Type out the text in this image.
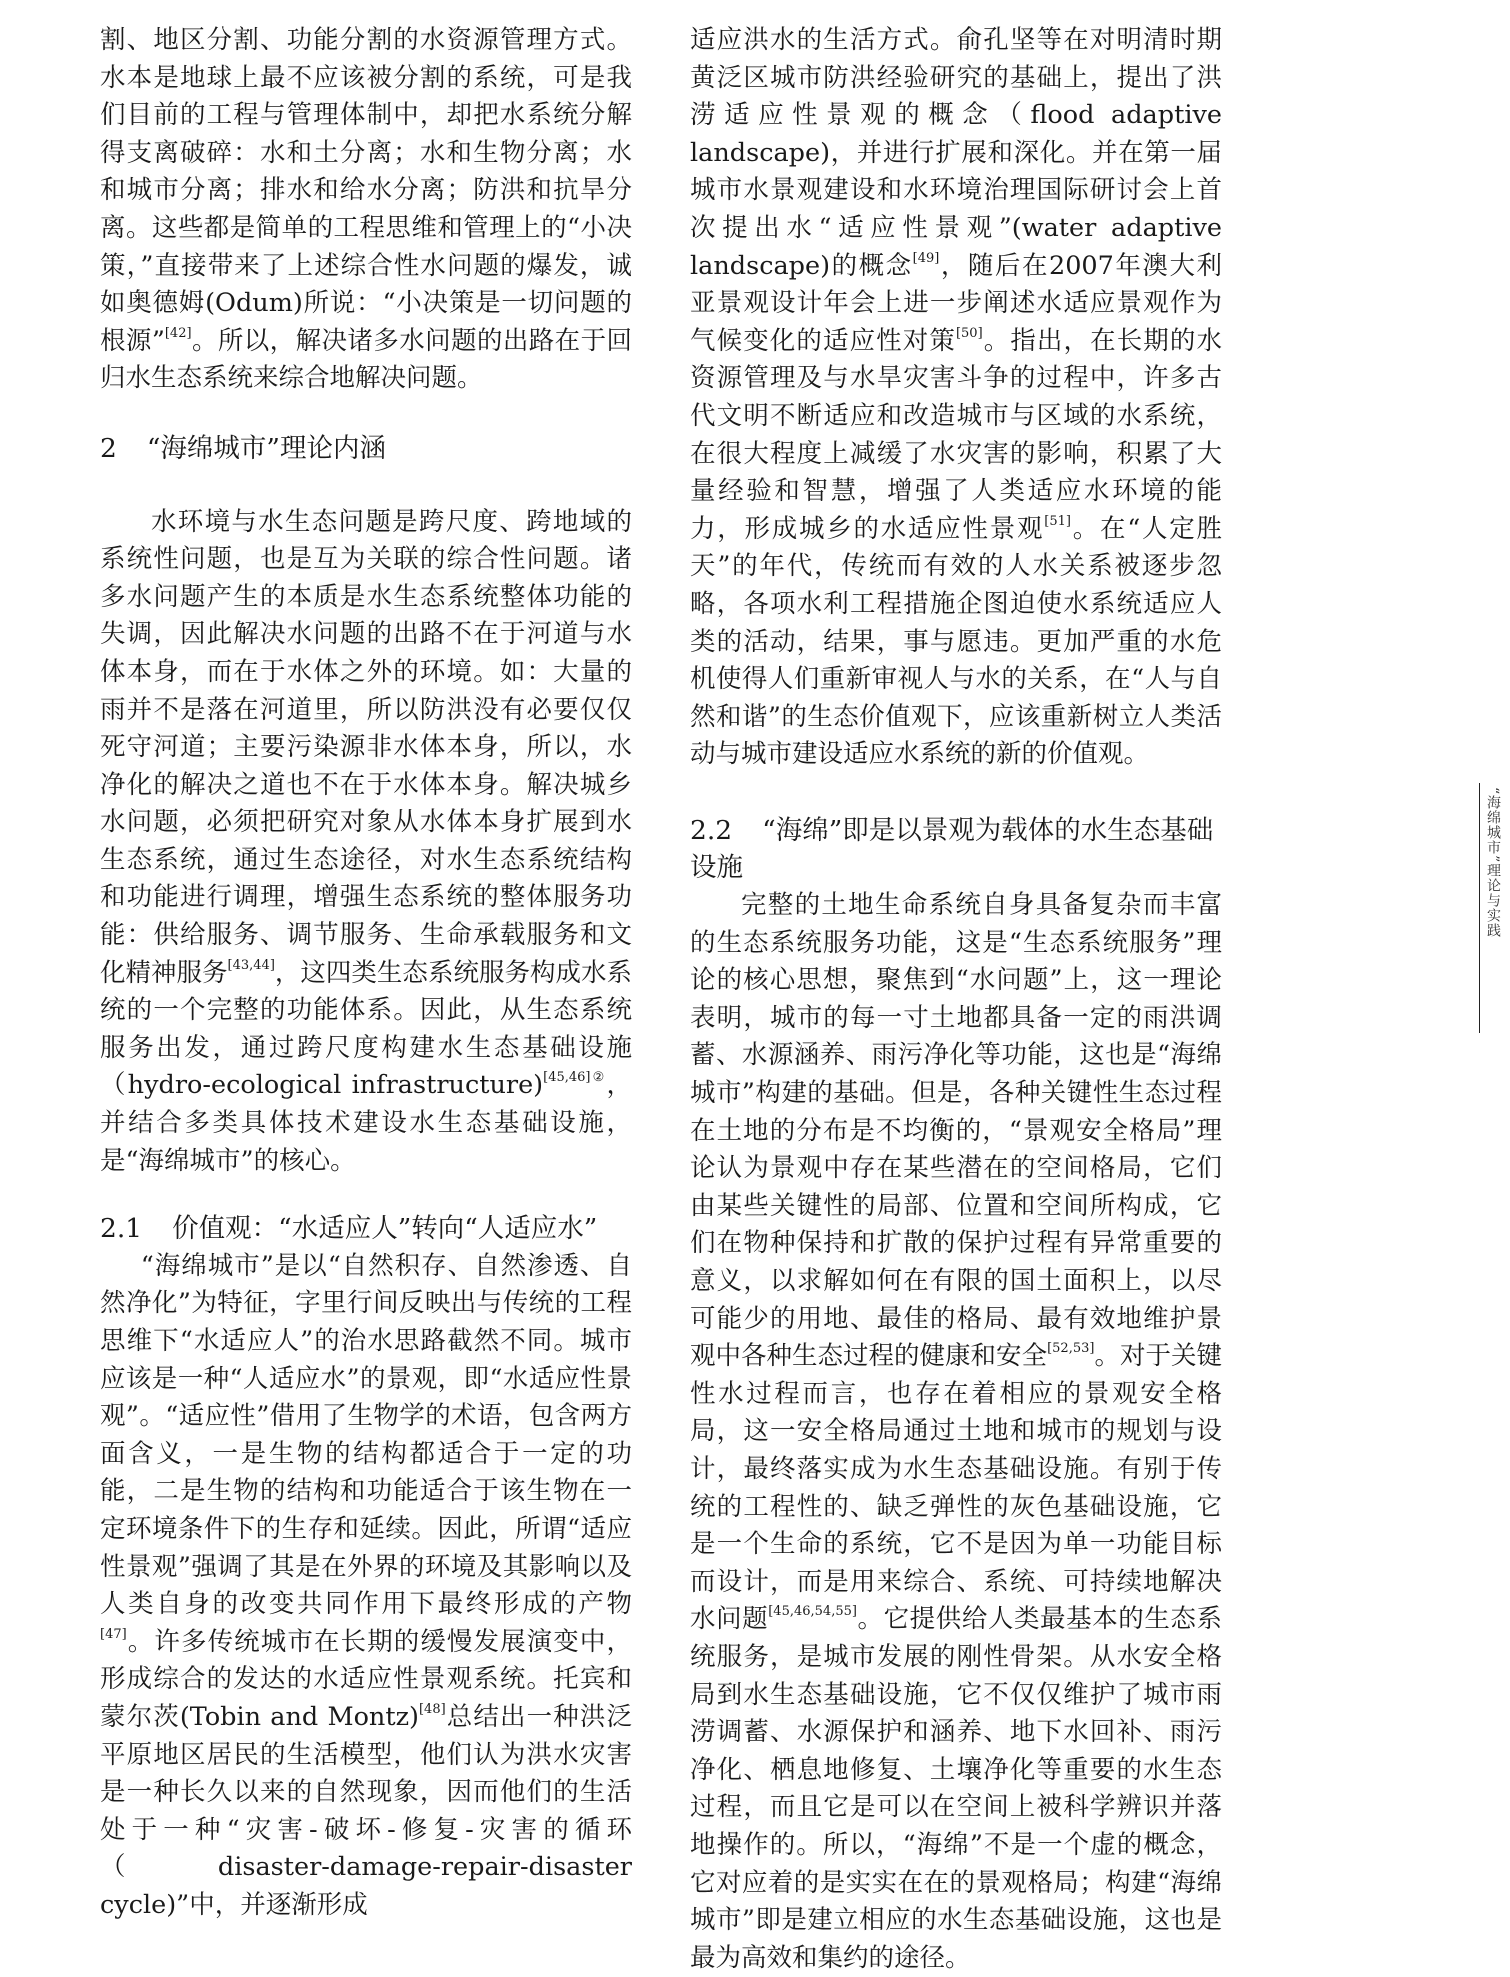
割、地区分割、功能分割的水资源管理方式。水本是地球上最不应该被分割的系统，可是我们目前的工程与管理体制中，却把水系统分解得支离破碎：水和土分离；水和生物分离；水和城市分离；排水和给水分离；防洪和抗旱分离。这些都是简单的工程思维和管理上的“小决策，”直接带来了上述综合性水问题的爆发，诚如奥德姆(Odum)所说：“小决策是一切问题的根源”[42]。所以，解决诸多水问题的出路在于回归水生态系统来综合地解决问题。

2 “海绵城市”理论内涵

水环境与水生态问题是跨尺度、跨地域的系统性问题，也是互为关联的综合性问题。诸多水问题产生的本质是水生态系统整体功能的失调，因此解决水问题的出路不在于河道与水体本身，而在于水体之外的环境。如：大量的雨并不是落在河道里，所以防洪没有必要仅仅死守河道；主要污染源非水体本身，所以，水净化的解决之道也不在于水体本身。解决城乡水问题，必须把研究对象从水体本身扩展到水生态系统，通过生态途径，对水生态系统结构和功能进行调理，增强生态系统的整体服务功能：供给服务、调节服务、生命承载服务和文化精神服务[43,44]，这四类生态系统服务构成水系统的一个完整的功能体系。因此，从生态系统服务出发，通过跨尺度构建水生态基础设施（hydro-ecological infrastructure)$^{[45,46]②}$，并结合多类具体技术建设水生态基础设施，是“海绵城市”的核心。

2.1 价值观：“水适应人”转向“人适应水”

“海绵城市”是以“自然积存、自然渗透、自然净化”为特征，字里行间反映出与传统的工程思维下“水适应人”的治水思路截然不同。城市应该是一种“人适应水”的景观，即“水适应性景观”。“适应性”借用了生物学的术语，包含两方面含义，一是生物的结构都适合于一定的功能，二是生物的结构和功能适合于该生物在一定环境条件下的生存和延续。因此，所谓“适应性景观”强调了其是在外界的环境及其影响以及人类自身的改变共同作用下最终形成的产物[47]。许多传统城市在长期的缓慢发展演变中，形成综合的发达的水适应性景观系统。托宾和蒙尔茨(Tobin and Montz)[48]总结出一种洪泛平原地区居民的生活模型，他们认为洪水灾害是一种长久以来的自然现象，因而他们的生活处于一种“灾害-破坏-修复-灾害的循环（disaster-damage-repair-disaster cycle)”中，并逐渐形成

适应洪水的生活方式。俞孔坚等在对明清时期黄泛区城市防洪经验研究的基础上，提出了洪涝适应性景观的概念（flood adaptive landscape)，并进行扩展和深化。并在第一届城市水景观建设和水环境治理国际研讨会上首次提出水“适应性景观”(water adaptive landscape)的概念[49]，随后在2007年澳大利亚景观设计年会上进一步阐述水适应景观作为气候变化的适应性对策[50]。指出，在长期的水资源管理及与水旱灾害斗争的过程中，许多古代文明不断适应和改造城市与区域的水系统，在很大程度上减缓了水灾害的影响，积累了大量经验和智慧，增强了人类适应水环境的能力，形成城乡的水适应性景观[51]。在“人定胜天”的年代，传统而有效的人水关系被逐步忽略，各项水利工程措施企图迫使水系统适应人类的活动，结果，事与愿违。更加严重的水危机使得人们重新审视人与水的关系，在“人与自然和谐”的生态价值观下，应该重新树立人类活动与城市建设适应水系统的新的价值观。

2.2 “海绵”即是以景观为载体的水生态基础设施

完整的土地生命系统自身具备复杂而丰富的生态系统服务功能，这是“生态系统服务”理论的核心思想，聚焦到“水问题”上，这一理论表明，城市的每一寸土地都具备一定的雨洪调蓄、水源涵养、雨污净化等功能，这也是“海绵城市”构建的基础。但是，各种关键性生态过程在土地的分布是不均衡的，“景观安全格局”理论认为景观中存在某些潜在的空间格局，它们由某些关键性的局部、位置和空间所构成，它们在物种保持和扩散的保护过程有异常重要的意义，以求解如何在有限的国土面积上，以尽可能少的用地、最佳的格局、最有效地维护景观中各种生态过程的健康和安全[52,53]。对于关键性水过程而言，也存在着相应的景观安全格局，这一安全格局通过土地和城市的规划与设计，最终落实成为水生态基础设施。有别于传统的工程性的、缺乏弹性的灰色基础设施，它是一个生命的系统，它不是因为单一功能目标而设计，而是用来综合、系统、可持续地解决水问题[45,46,54,55]。它提供给人类最基本的生态系统服务，是城市发展的刚性骨架。从水安全格局到水生态基础设施，它不仅仅维护了城市雨涝调蓄、水源保护和涵养、地下水回补、雨污净化、栖息地修复、土壤净化等重要的水生态过程，而且它是可以在空间上被科学辨识并落地操作的。所以，“海绵”不是一个虚的概念，它对应着的是实实在在的景观格局；构建“海绵城市”即是建立相应的水生态基础设施，这也是最为高效和集约的途径。

“海绵城市”理论与实践
